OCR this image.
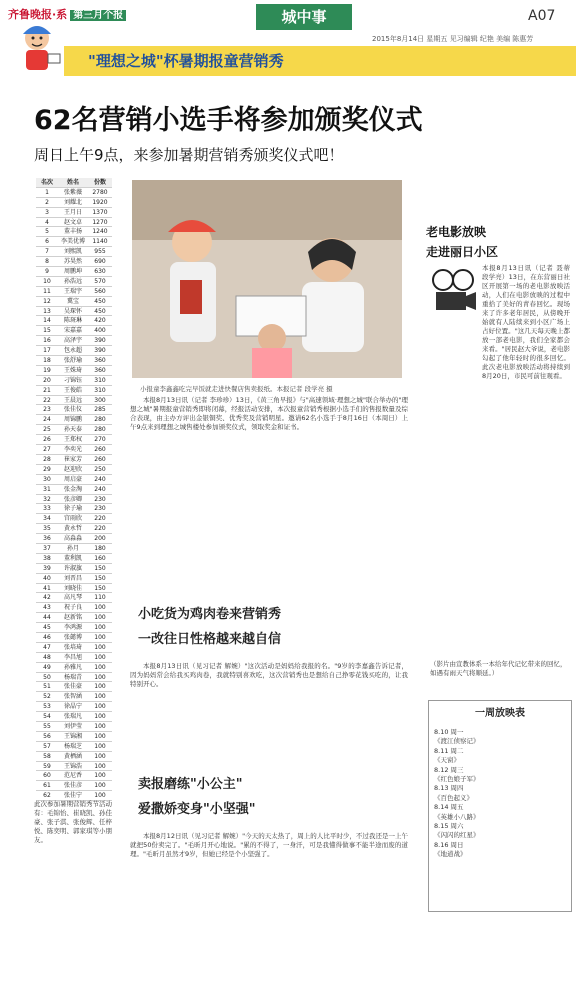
齐鲁晚报·系 第三月个报	城中事	A07
2015年8月14日 星期五 见习编辑 纪艳 美编 陈惠芳
"理想之城"杯暑期报童营销秀
62名营销小选手将参加颁奖仪式
周日上午9点，来参加暑期营销秀颁奖仪式吧！
名次	姓名	份数
1	张紫薇	2780
2	刘耀北	1920
3	王月日	1370
4	赵文卓	1270
5	董丰扬	1240
6	李美优博	1140
7	刘熙凯	955
8	苏昊然	690
9	周鹏坤	630
10	孙浩远	570
11	王瑞宇	560
12	冀宝	450
13	吴琛怀	450
14	陈斑琳	420
15	宋嘉嘉	400
16	高泽宇	390
17	包永超	390
18	张舒瑜	360
19	王姝琦	360
20	刁锦钰	310
21	王俊皓	310
22	王晨远	300
23	张佳仪	285
24	周锦鹏	280
25	孙天泰	280
26	王郑权	270
27	李奕光	260
28	崔家芳	260
29	赵迎欣	250
30	周启豪	240
31	张金淘	240
32	张彦卿	230
33	徐子瑜	230
34	宫雨欣	220
35	黄永哲	220
36	高淼淼	200
37	孙月	180
38	董利凯	160
39	许淑旗	150
40	刘晋昌	150
41	刘晓佳	150
42	高凡琴	110
43	祝子良	100
44	赵新铭	100
45	李鸿源	100
46	张懿博	100
47	张培琦	100
48	李昌旭	100
49	孙雅凡	100
50	杨瑞青	100
51	张佳豪	100
52	张智涵	100
53	徐晶宁	100
54	张瑞凡	100
55	刘伊莹	100
56	王锦湘	100
57	杨瑞芝	100
58	黄栖涵	100
59	王锦浩	100
60	范尼香	100
61	张佳彦	100
62	张佳宁	100
此次参加暑期营销秀节活动有：毛锦怡、崔晓凯、孙佳豪、张子淇、张俊辉、任梓悦、陈奕明、郭家琪等小朋友。
小报童李鑫鑫吃完早饭就走进快餐店售卖报纸。本报记者 段学亮 摄
本报8月13日讯（记者 李珍珍）13日，《黄三角早报》与"高速领域·理想之城"联合举办的"理想之城"暑期报童营销秀即将闭幕，经报活动安排，本次报童营销秀根据小选手们的售报数量及综合表现，由主办方评出金银铜奖、优秀奖及营销明星。邀请62名小选手于8月16日（本周日）上午9点来到理想之城售楼处参加颁奖仪式，领取奖金和证书。
小吃货为鸡肉卷来营销秀
一改往日性格越来越自信
本报8月13日讯（见习记者 解婉）"这次活动是妈妈给我报的名。"9岁的李嘉鑫告诉记者，因为妈妈常会给我买鸡肉卷，我就特别喜欢吃，这次营销秀也是想给自己挣零花钱买吃的，让我特别开心。
卖报磨练"小公主"
爱撒娇变身"小坚强"
本报8月12日讯（见习记者 解婉）"今天的天太热了，周上的人比平时少，不过我还是一上午就把50份卖完了。"毛昕月开心地说。"累的不得了，一身汗，可是我懂得做事不能半途而废的道理。"毛昕月虽然才9岁，但她已经是个小坚强了。
老电影放映
走进丽日小区
本报8月13日讯（记者 聂蒂 段学亮）13日，在东营丽日社区开展第一场的老电影放映活动，人们在电影放映的过程中重拾了美好的青春回忆。现场来了许多老年居民，从傍晚开始就有人陆续来到小区广场上占好位置。"这几天每天晚上都放一部老电影，我们全家都会来看。"居民赵大爷说，老电影勾起了他年轻时的很多回忆。此次老电影放映活动将持续到8月20日，市民可前往观看。
（影片由宣教体系一本给年代记忆带来的回忆，如遇有雨天气将顺延。）
一周放映表
8.10 周一
《渡江侦察记》
8.11 周二
《天窗》
8.12 周三
《红色娘子军》
8.13 周四
《百色起义》
8.14 周五
《英雄小八路》
8.15 周六
《闪闪的红星》
8.16 周日
《地道战》
